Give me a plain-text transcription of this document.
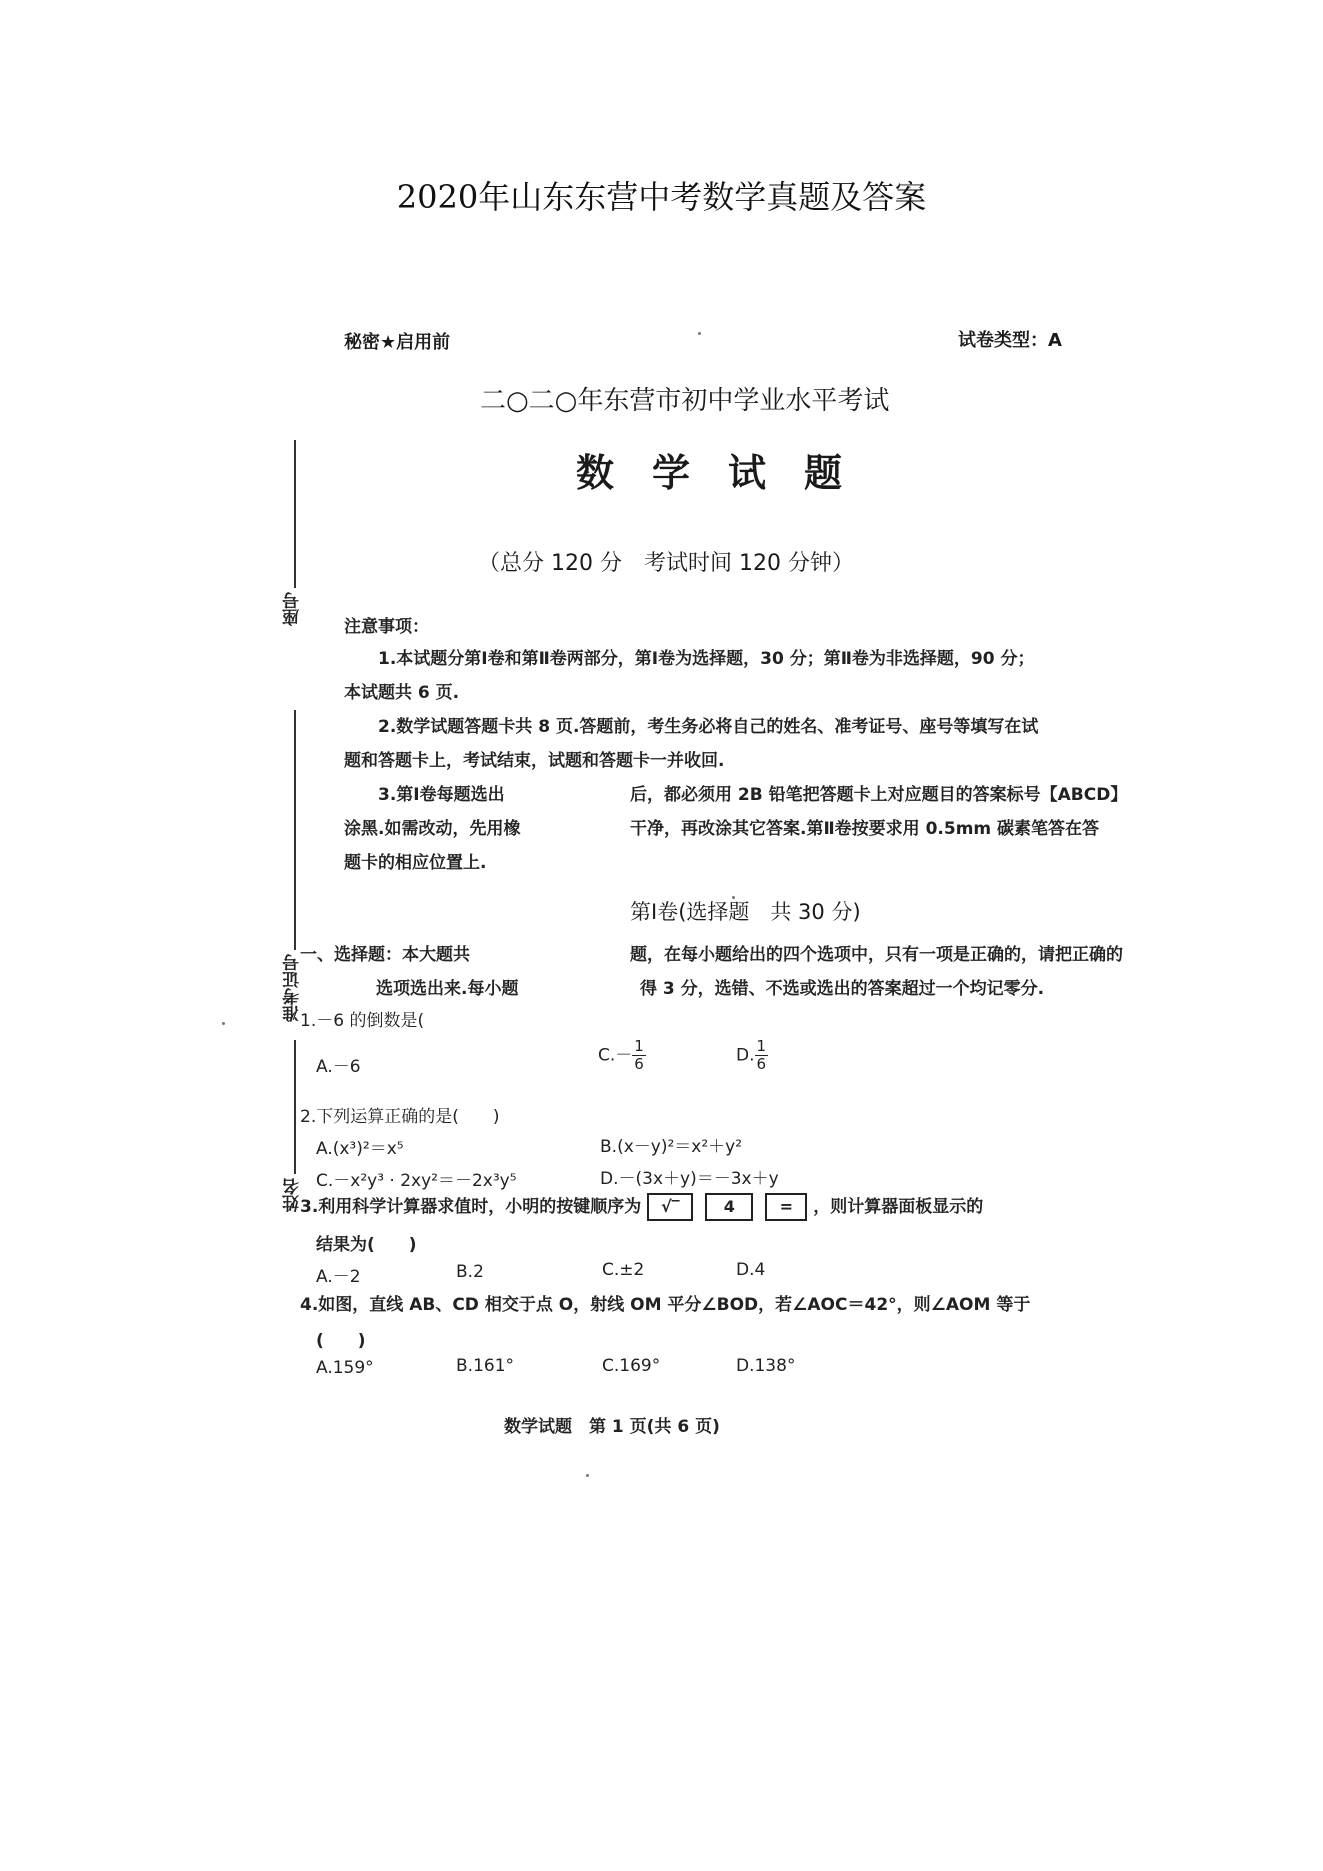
2020年山东东营中考数学真题及答案
座号
准考证号
姓名
秘密★启用前	试卷类型：A
二○二○年东营市初中学业水平考试
数学试题
（总分 120 分　考试时间 120 分钟）
注意事项：
1.本试题分第Ⅰ卷和第Ⅱ卷两部分，第Ⅰ卷为选择题，30 分；第Ⅱ卷为非选择题，90 分；
本试题共 6 页.
2.数学试题答题卡共 8 页.答题前，考生务必将自己的姓名、准考证号、座号等填写在试
题和答题卡上，考试结束，试题和答题卡一并收回.
3.第Ⅰ卷每题选出	后，都必须用 2B 铅笔把答题卡上对应题目的答案标号【ABCD】
涂黑.如需改动，先用橡	干净，再改涂其它答案.第Ⅱ卷按要求用 0.5mm 碳素笔答在答
题卡的相应位置上.
第Ⅰ卷(选择题　共 30 分)
一、选择题：本大题共	题，在每小题给出的四个选项中，只有一项是正确的，请把正确的
选项选出来.每小题	得 3 分，选错、不选或选出的答案超过一个均记零分.
1.－6 的倒数是(
A.－6
$C.- \frac{1}{6}$	D. $\frac{1}{6}$
2.下列运算正确的是(　　)
A.(x³)²＝x⁵	B.(x－y)²＝x²＋y²
C.－x²y³ · 2xy²＝－2x³y⁵	D.－(3x＋y)＝－3x＋y
3.利用科学计算器求值时，小明的按键顺序为 √‾	4	= ，则计算器面板显示的
结果为(　　)
A.－2	B.2	C.±2	D.4
4.如图，直线 AB、CD 相交于点 O，射线 OM 平分∠BOD，若∠AOC＝42°，则∠AOM 等于
(　　)
A.159°	B.161°	C.169°	D.138°
数学试题　第 1 页(共 6 页)
